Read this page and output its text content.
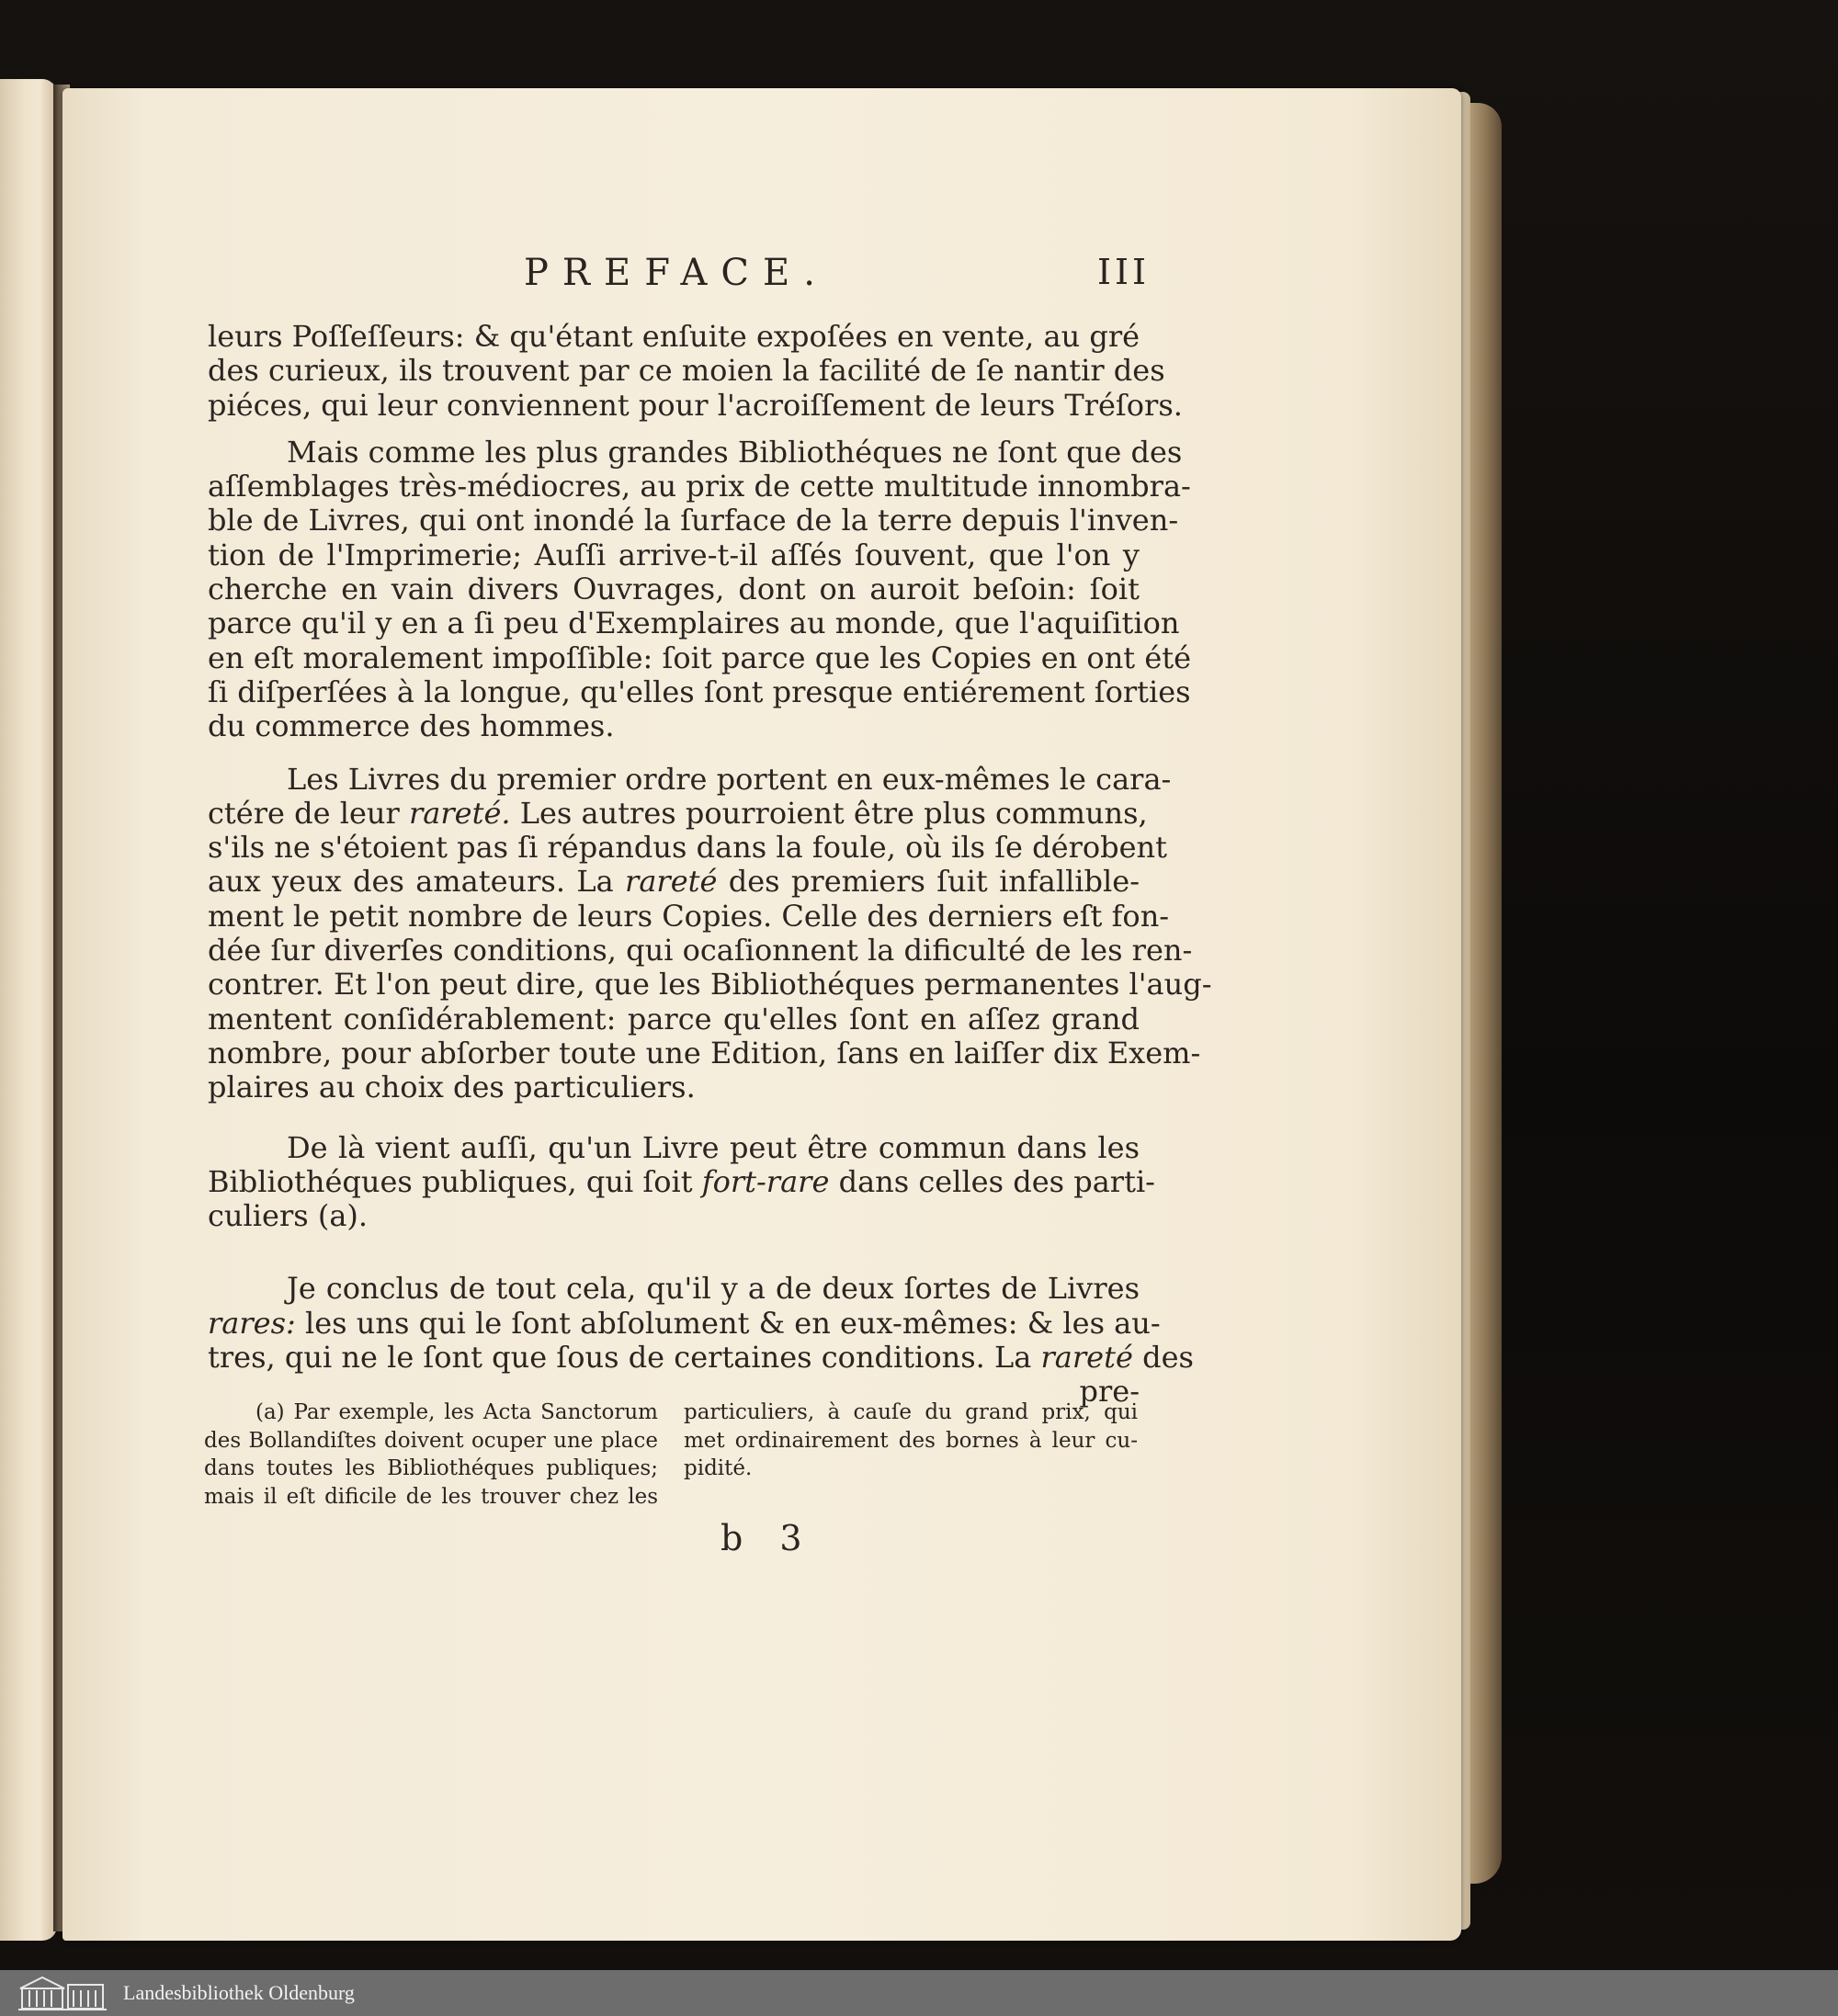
PREFACE.	III

leurs Poſſeſſeurs: & qu'étant enſuite expoſées en vente, au gré
des curieux, ils trouvent par ce moien la facilité de ſe nantir des
piéces, qui leur conviennent pour l'acroiſſement de leurs Tréſors.

Mais comme les plus grandes Bibliothéques ne ſont que des
aſſemblages très-médiocres, au prix de cette multitude innombra-
ble de Livres, qui ont inondé la ſurface de la terre depuis l'inven-
tion de l'Imprimerie; Auſſi arrive-t-il aſſés ſouvent, que l'on y
cherche en vain divers Ouvrages, dont on auroit beſoin: ſoit
parce qu'il y en a ſi peu d'Exemplaires au monde, que l'aquiſition
en eſt moralement impoſſible: ſoit parce que les Copies en ont été
ſi diſperſées à la longue, qu'elles ſont presque entiérement ſorties
du commerce des hommes.

Les Livres du premier ordre portent en eux-mêmes le cara-
ctére de leur rareté. Les autres pourroient être plus communs,
s'ils ne s'étoient pas ſi répandus dans la foule, où ils ſe dérobent
aux yeux des amateurs. La rareté des premiers ſuit infallible-
ment le petit nombre de leurs Copies. Celle des derniers eſt fon-
dée ſur diverſes conditions, qui ocaſionnent la dificulté de les ren-
contrer. Et l'on peut dire, que les Bibliothéques permanentes l'aug-
mentent conſidérablement: parce qu'elles ſont en aſſez grand
nombre, pour abſorber toute une Edition, ſans en laiſſer dix Exem-
plaires au choix des particuliers.

De là vient auſſi, qu'un Livre peut être commun dans les
Bibliothéques publiques, qui ſoit fort-rare dans celles des parti-
culiers (a).

Je conclus de tout cela, qu'il y a de deux ſortes de Livres
rares: les uns qui le ſont abſolument & en eux-mêmes: & les au-
tres, qui ne le ſont que ſous de certaines conditions. La rareté des
pre-

(a) Par exemple, les Acta Sanctorum
des Bollandiſtes doivent ocuper une place
dans toutes les Bibliothéques publiques;
mais il eſt dificile de les trouver chez les
particuliers, à cauſe du grand prix, qui
met ordinairement des bornes à leur cu-
pidité.
b 3
Landesbibliothek Oldenburg
